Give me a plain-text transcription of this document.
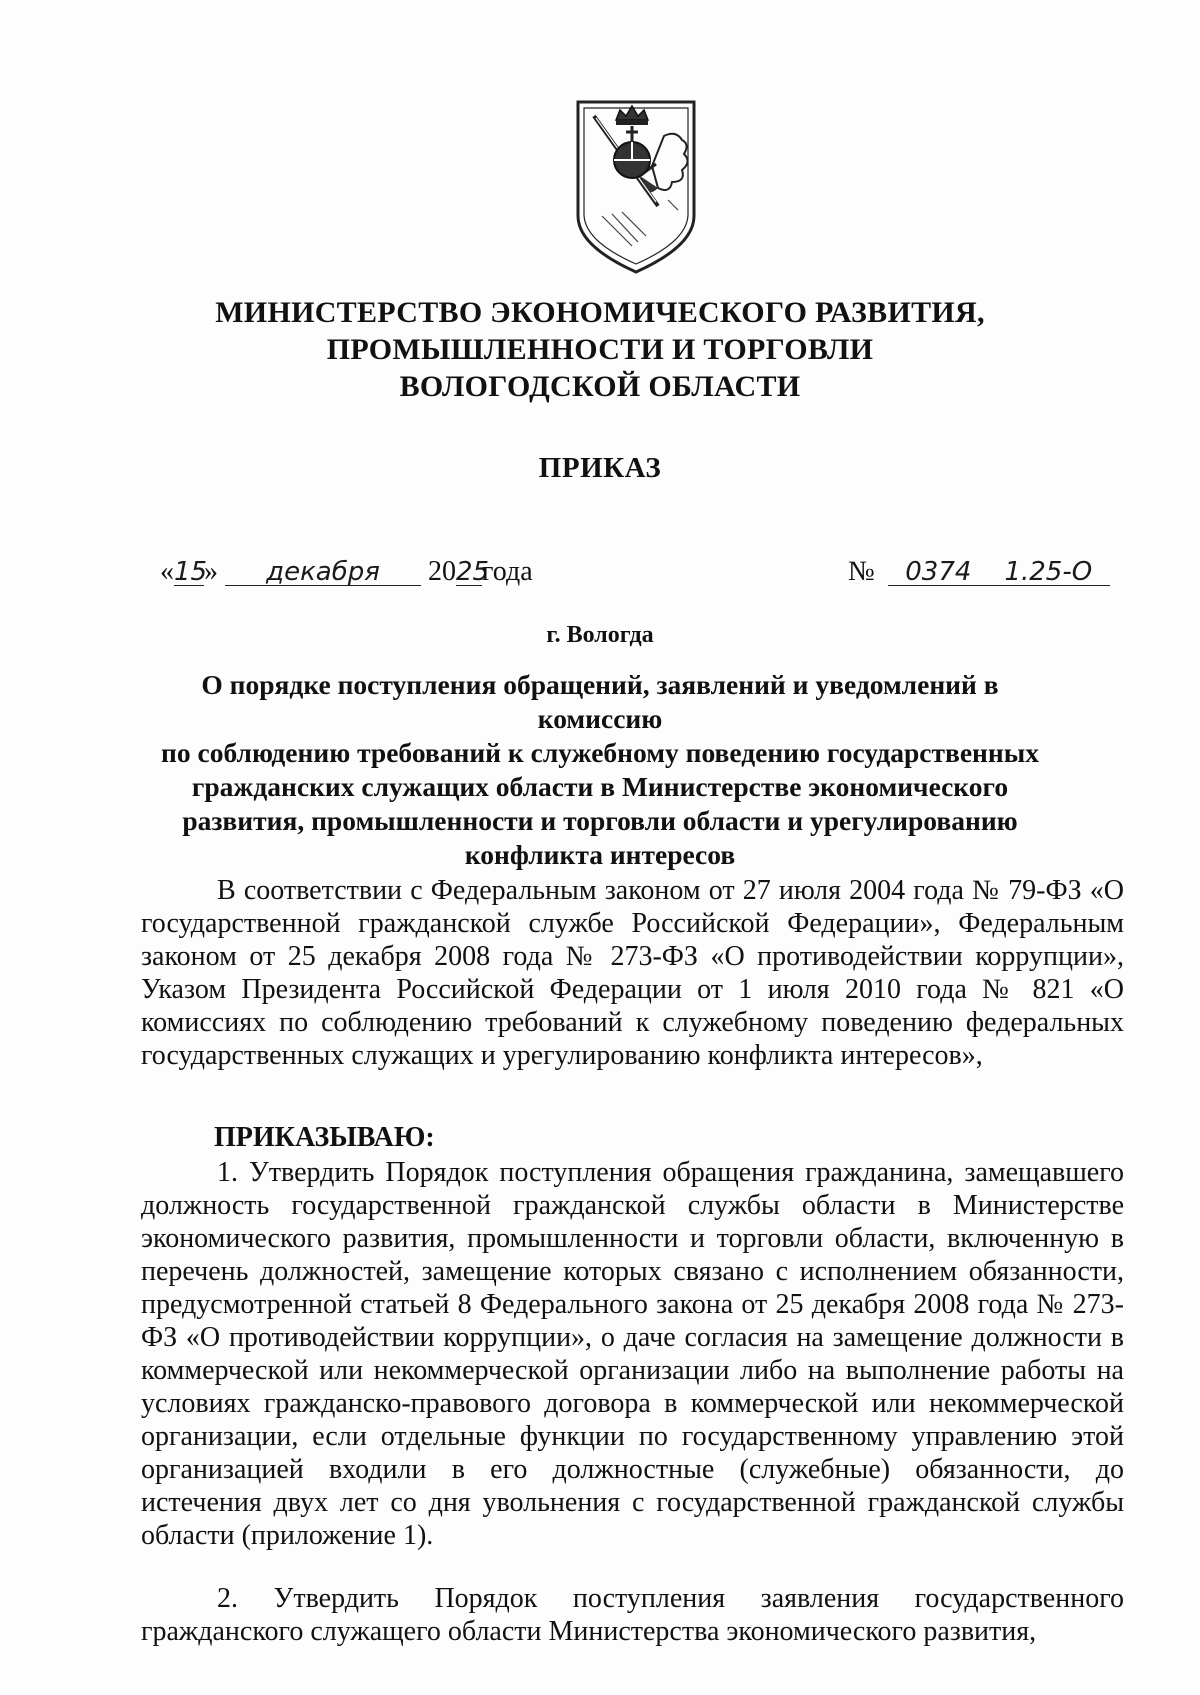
МИНИСТЕРСТВО ЭКОНОМИЧЕСКОГО РАЗВИТИЯ,
ПРОМЫШЛЕННОСТИ И ТОРГОВЛИ
ВОЛОГОДСКОЙ ОБЛАСТИ
ПРИКАЗ
«15» декабря 2025года	№ 0374    1.25-О
г. Вологда
О порядке поступления обращений, заявлений и уведомлений в комиссию
по соблюдению требований к служебному поведению государственных
гражданских служащих области в Министерстве экономического
развития, промышленности и торговли области и урегулированию
конфликта интересов
В соответствии с Федеральным законом от 27 июля 2004 года № 79-ФЗ «О государственной гражданской службе Российской Федерации», Федеральным законом от 25 декабря 2008 года № 273-ФЗ «О противодействии коррупции», Указом Президента Российской Федерации от 1 июля 2010 года № 821 «О комиссиях по соблюдению требований к служебному поведению федеральных государственных служащих и урегулированию конфликта интересов»,
ПРИКАЗЫВАЮ:
1. Утвердить Порядок поступления обращения гражданина, замещавшего должность государственной гражданской службы области в Министерстве экономического развития, промышленности и торговли области, включенную в перечень должностей, замещение которых связано с исполнением обязанности, предусмотренной статьей 8 Федерального закона от 25 декабря 2008 года № 273-ФЗ «О противодействии коррупции», о даче согласия на замещение должности в коммерческой или некоммерческой организации либо на выполнение работы на условиях гражданско-правового договора в коммерческой или некоммерческой организации, если отдельные функции по государственному управлению этой организацией входили в его должностные (служебные) обязанности, до истечения двух лет со дня увольнения с государственной гражданской службы области (приложение 1).
2. Утвердить Порядок поступления заявления государственного гражданского служащего области Министерства экономического развития,
